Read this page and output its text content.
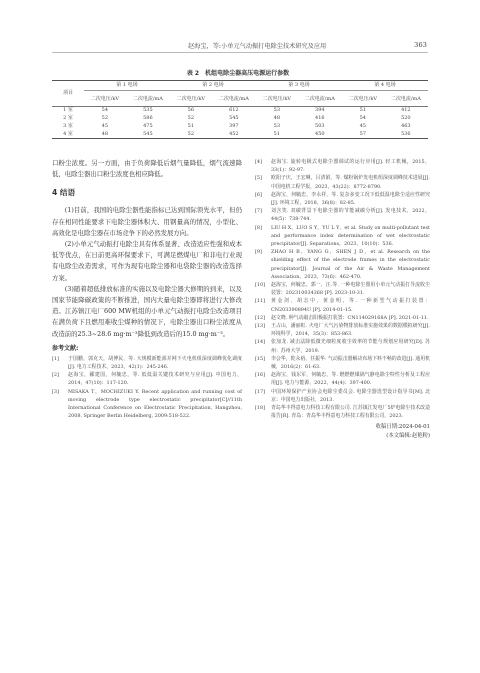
赵海宝，等:小单元气动振打电除尘技术研究及应用	363
表 2 机组电除尘器高压电源运行参数
项目	第 1 电场		第 2 电场		第 3 电场		第 4 电场	
	二次电压/kV	二次电流/mA	二次电压/kV	二次电流/mA	二次电压/kV	二次电流/mA	二次电压/kV	二次电流/mA
1 室	54	535	56	612	53	394	51	412
2 室	52	586	52	545	48	416	54	520
3 室	45	475	51	397	53	503	45	463
4 室	48	545	52	452	51	450	57	536

口粉尘浓度。另一方面，由于负荷降低后烟气量降低，烟气流速降低，电除尘器出口粉尘浓度也相应降低。

4 结语

(1)目前，我国的电除尘器性能指标已达到国际领先水平，但仍存在相同性能要求下电除尘器体积大、用钢量高的情况，小型化、高效化是电除尘器在市场竞争下的必然发展方向。

(2)小单元气动振打电除尘具有体系显著、改造适应性强和成本低等优点，在日前更高环保要求下，可满足燃煤电厂和非电行业现有电除尘改造需求，可作为现有电除尘器和电袋除尘器的改造选择方案。

(3)随着超低排放标准的实施以及电除尘器大修期的到来，以及国家节能降碳政策的不断推进，国内大量电除尘器即将进行大修改造。江苏镇江电厂600 MW机组的小单元气动振打电除尘改造项目在满负荷下且燃用难收尘煤种的情况下，电除尘器出口粉尘浓度从改造前的25.3~28.6 mg·m⁻³降低到改造后的15.0 mg·m⁻³。

参考文献:
[1]	于国鹏，郭克天，胡博民，等. 大规模新能源并网下火电机组深度调峰优化调度[J]. 电力工程技术，2023，42(1)：245-246.
[2]	赵海宝，郦建国，何毓忠，等. 低低温关键技术研究与应用[J]. 中国电力，2014，47(10)：117-120.
[3]	MISAKA T，MOCHIZUKI Y. Recent application and running cost of moving electrode type electrostatic precipitator[C]//11th International Conference on Electrostatic Precipitation, Hangzhou, 2008. Springer Berlin Heidelberg, 2009:518-522.
[4]	赵海宝. 旋转电极式电除尘器调试的运行应用[J]. 轻工机械，2015，33(1)：92-97.
[5]	欧阳子庆，王宏琳，吕清娟，等. 煤粉锅炉发电机组深度调峰技术进展[J]. 中国电机工程学报，2023，43(22)：8772-8790.
[6]	赵海宝，何毓忠，李永祥，等. 复杂多变工况下低低温电除尘适应性研究[J]. 环境工程，2018，36(8)：82-85.
[7]	刘含笑. 双碳背景下电除尘器的节能减碳分析[J]. 发电技术，2022，44(5)：738-744.
[8]	LIU H X，LUO S Y，YU L Y，et al. Study on multi-pollutant test and performance index determination of wet electrostatic precipitator[J]. Separations，2023，10(10)：536.
[9]	ZHAO H B，YANG G，SHEN J D，et al. Research on the shielding effect of the electrode frames in the electrostatic precipitator[J]. Journal of the Air & Waste Management Association，2023，73(6)：462-470.
[10]	赵海宝，何毓忠，郭一，汪.等. 一种电除尘器用小单元气动振打导流收尘装置：202310034368 [P]. 2023-10-31.
[11]	黄金剑，胡志中，黄金明，等. 一种新型气动振打装置：CN203390894U [P]. 2014-01-15.
[12]	赵文晓. 种气动敲击阳极振打装置：CN114029168A [P]. 2021-01-11.
[13]	王占山，潘丽虹. 火电厂大气污染物排放标准实施效果的数据模拟研究[J]. 环境科学，2014，35(3)：853-863.
[14]	张加龙. 减击法降低微光细粒度收尘效率的节能与规划应用研究[D]. 苏州：苏州大学，2019.
[15]	李会华，乾永裕，任振华. 气动振击器解决布场下料不畅的改进[J]. 通用机械，2016(2)：61-63.
[16]	赵海宝，钱东军，何毓忠，等. 燃燃燃煤锅气静电除尘特性分析及工程应用[J]. 电力与能源，2022，44(4)：397-400.
[17]	中国环境保护产业协会电除尘委员会. 电除尘器选型设计指导书[M]. 北京：中国电力出版社，2013.
[18]	青岛华丰得意电力科技工程有限公司. 江苏镇江发电厂5炉电除尘技术改造报告[R]. 青岛：青岛华丰得意电力科技工程有限公司，2023.
收稿日期:2024-04-01
(本文编辑:赵艳粉)
